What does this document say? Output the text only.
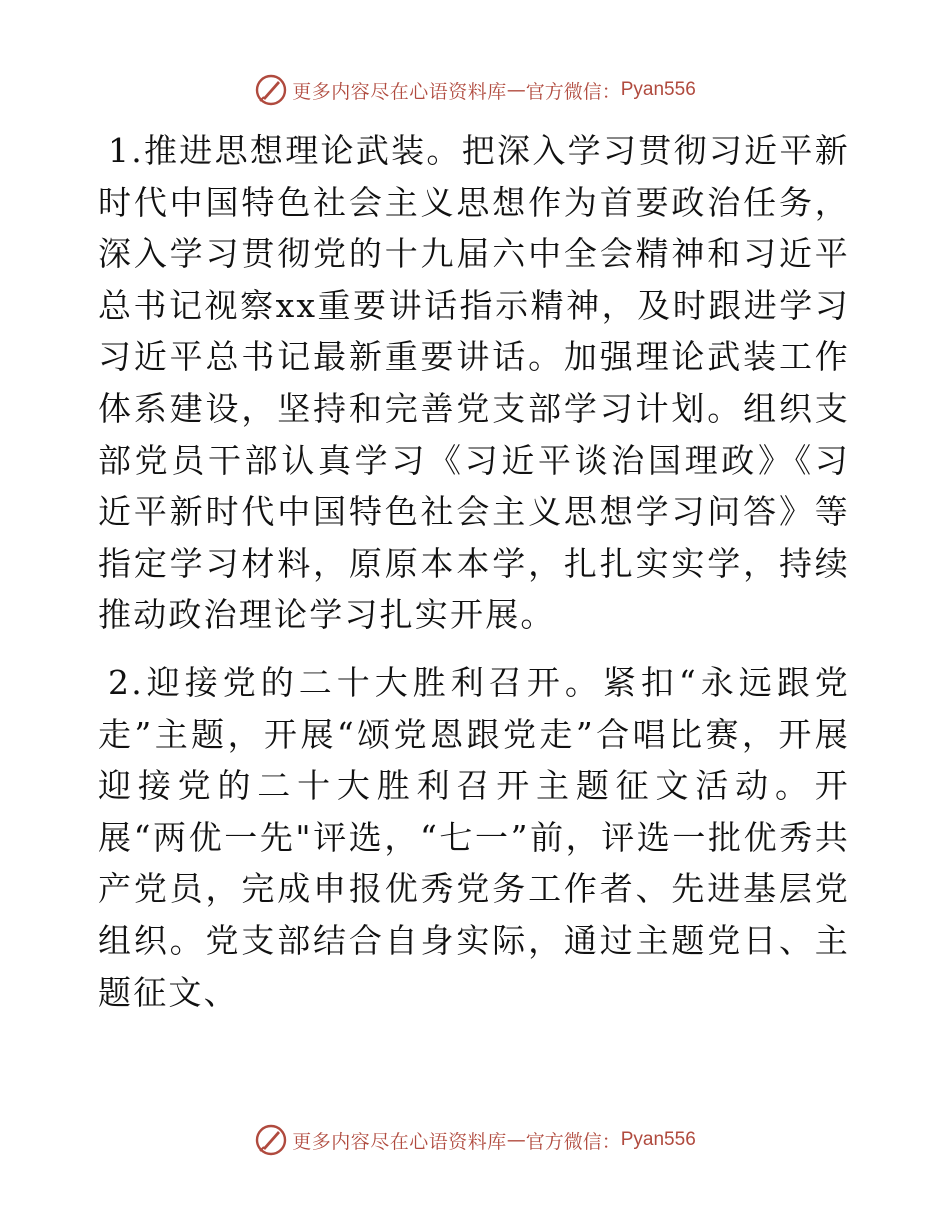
更多内容尽在心语资料库 — 官方微信： Pyan556

1.推进思想理论武装。把深入学习贯彻习近平新时代中国特色社会主义思想作为首要政治任务，深入学习贯彻党的十九届六中全会精神和习近平总书记视察xx重要讲话指示精神，及时跟进学习习近平总书记最新重要讲话。加强理论武装工作体系建设，坚持和完善党支部学习计划。组织支部党员干部认真学习《习近平谈治国理政》《习近平新时代中国特色社会主义思想学习问答》等指定学习材料，原原本本学，扎扎实实学，持续推动政治理论学习扎实开展。

2.迎接党的二十大胜利召开。紧扣“永远跟党走”主题，开展“颂党恩跟党走”合唱比赛，开展迎接党的二十大胜利召开主题征文活动。开展“两优一先"评选，“七一”前，评选一批优秀共产党员，完成申报优秀党务工作者、先进基层党组织。党支部结合自身实际，通过主题党日、主题征文、

更多内容尽在心语资料库 — 官方微信： Pyan556
